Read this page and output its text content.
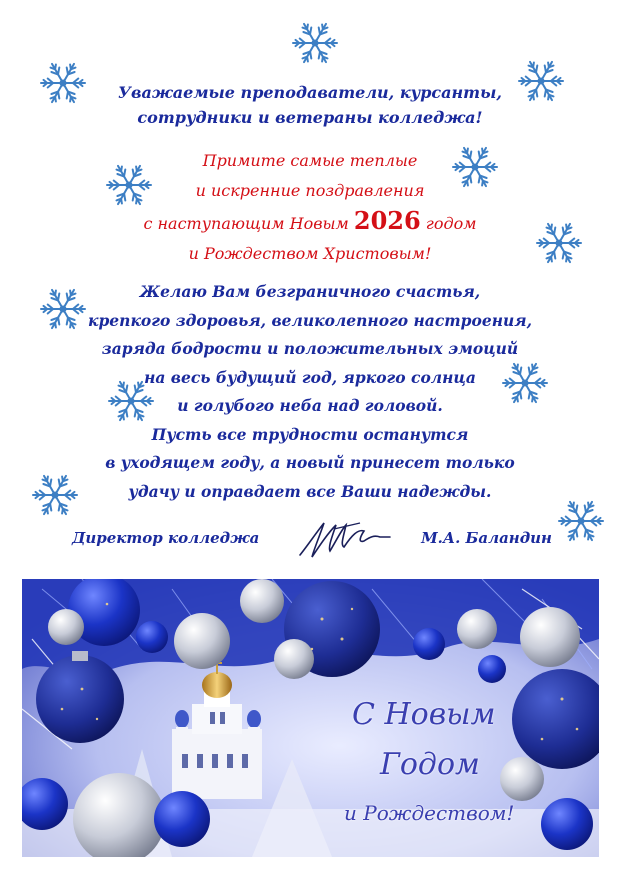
Уважаемые преподаватели, курсанты,
сотрудники и ветераны колледжа!
Примите самые теплые
и искренние поздравления
с наступающим Новым 2026 годом
и Рождеством Христовым!
Желаю Вам безграничного счастья,
крепкого здоровья, великолепного настроения,
заряда бодрости и положительных эмоций
на весь будущий год, яркого солнца
и голубого неба над головой.
Пусть все трудности останутся
в уходящем году, а новый принесет только
удачу и оправдает все Ваши надежды.
Директор колледжа	М.А. Баландин
С Новым
Годом
и Рождеством!
